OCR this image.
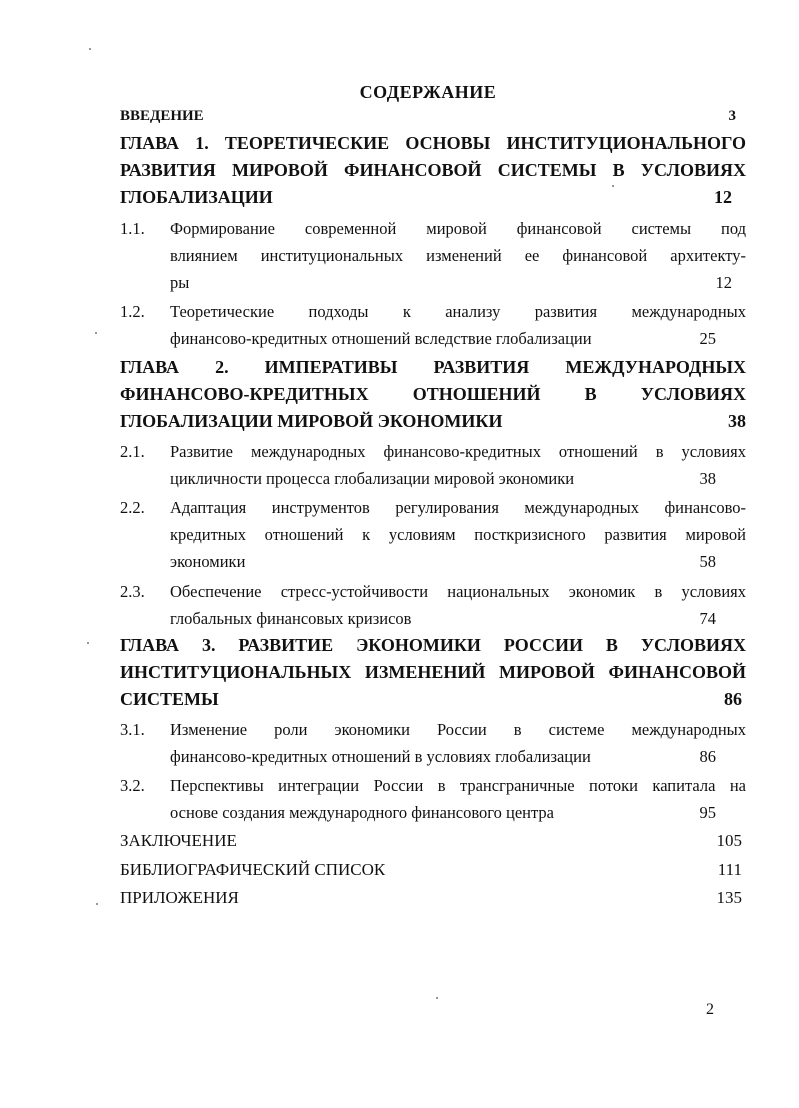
СОДЕРЖАНИЕ
ВВЕДЕНИЕ	3
ГЛАВА 1. ТЕОРЕТИЧЕСКИЕ ОСНОВЫ ИНСТИТУЦИОНАЛЬНОГО
РАЗВИТИЯ МИРОВОЙ ФИНАНСОВОЙ СИСТЕМЫ В УСЛОВИЯХ
ГЛОБАЛИЗАЦИИ	12
1.1. Формирование современной мировой финансовой системы под
влиянием институциональных изменений ее финансовой архитекту-
ры	12
1.2. Теоретические подходы к анализу развития международных
финансово-кредитных отношений вследствие глобализации	25
ГЛАВА 2. ИМПЕРАТИВЫ РАЗВИТИЯ МЕЖДУНАРОДНЫХ
ФИНАНСОВО-КРЕДИТНЫХ ОТНОШЕНИЙ В УСЛОВИЯХ
ГЛОБАЛИЗАЦИИ МИРОВОЙ ЭКОНОМИКИ	38
2.1. Развитие международных финансово-кредитных отношений в условиях
цикличности процесса глобализации мировой экономики	38
2.2. Адаптация инструментов регулирования международных финансово-
кредитных отношений к условиям посткризисного развития мировой
экономики	58
2.3. Обеспечение стресс-устойчивости национальных экономик в условиях
глобальных финансовых кризисов	74
ГЛАВА 3. РАЗВИТИЕ ЭКОНОМИКИ РОССИИ В УСЛОВИЯХ
ИНСТИТУЦИОНАЛЬНЫХ ИЗМЕНЕНИЙ МИРОВОЙ ФИНАНСОВОЙ
СИСТЕМЫ	86
3.1. Изменение роли экономики России в системе международных
финансово-кредитных отношений в условиях глобализации	86
3.2. Перспективы интеграции России в трансграничные потоки капитала на
основе создания международного финансового центра	95
ЗАКЛЮЧЕНИЕ	105
БИБЛИОГРАФИЧЕСКИЙ СПИСОК	111
ПРИЛОЖЕНИЯ	135
2
